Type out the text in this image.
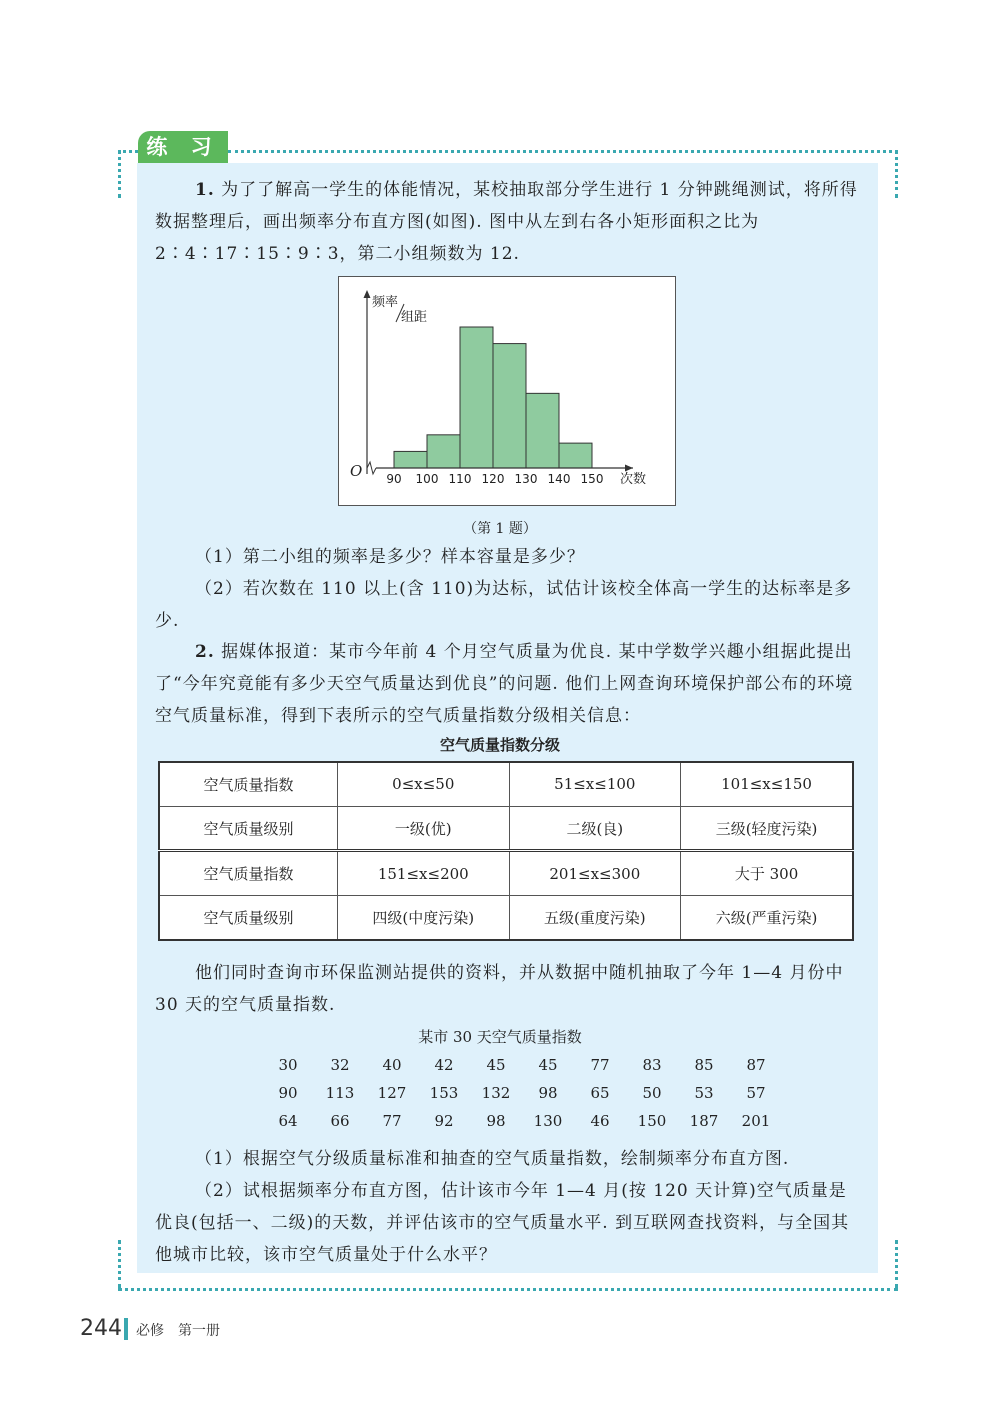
练 习
1. 为了了解高一学生的体能情况，某校抽取部分学生进行 1 分钟跳绳测试，将所得数据整理后，画出频率分布直方图(如图). 图中从左到右各小矩形面积之比为 2∶4∶17∶15∶9∶3，第二小组频数为 12.
O
频率
组距
90 100 110 120 130 140 150 次数
（第 1 题）
（1）第二小组的频率是多少？样本容量是多少？
（2）若次数在 110 以上(含 110)为达标，试估计该校全体高一学生的达标率是多少.
2. 据媒体报道：某市今年前 4 个月空气质量为优良. 某中学数学兴趣小组据此提出了“今年究竟能有多少天空气质量达到优良”的问题. 他们上网查询环境保护部公布的环境空气质量标准，得到下表所示的空气质量指数分级相关信息：
空气质量指数分级
空气质量指数	0≤x≤50	51≤x≤100	101≤x≤150
空气质量级别	一级(优)	二级(良)	三级(轻度污染)
空气质量指数	151≤x≤200	201≤x≤300	大于 300
空气质量级别	四级(中度污染)	五级(重度污染)	六级(严重污染)
他们同时查询市环保监测站提供的资料，并从数据中随机抽取了今年 1—4 月份中 30 天的空气质量指数.
某市 30 天空气质量指数
30	32	40	42	45	45	77	83	85	87
90	113	127	153	132	98	65	50	53	57
64	66	77	92	98	130	46	150	187	201
（1）根据空气分级质量标准和抽查的空气质量指数，绘制频率分布直方图.
（2）试根据频率分布直方图，估计该市今年 1—4 月(按 120 天计算)空气质量是优良(包括一、二级)的天数，并评估该市的空气质量水平. 到互联网查找资料，与全国其他城市比较，该市空气质量处于什么水平？
244 必修　第一册
